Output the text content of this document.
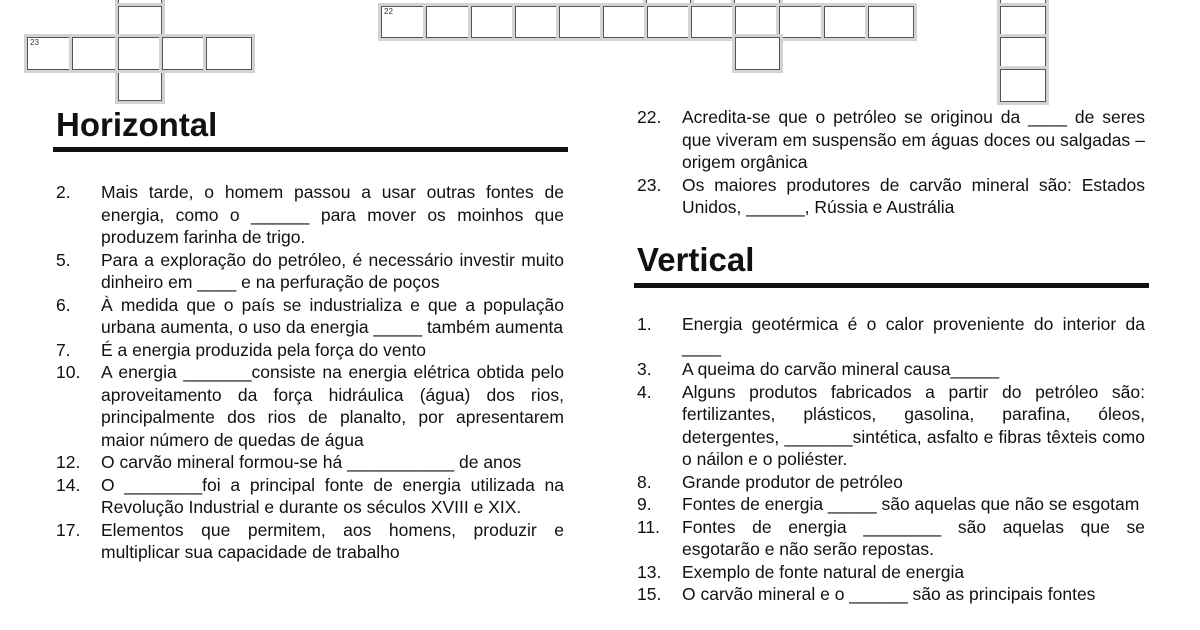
23
22
Horizontal
2. Mais tarde, o homem passou a usar outras fontes de energia, como o ______ para mover os moinhos que produzem farinha de trigo.
5. Para a exploração do petróleo, é necessário investir muito dinheiro em ____ e na perfuração de poços
6. À medida que o país se industrializa e que a população urbana aumenta, o uso da energia _____ também aumenta
7. É a energia produzida pela força do vento
10. A energia _______consiste na energia elétrica obtida pelo aproveitamento da força hidráulica (água) dos rios, principalmente dos rios de planalto, por apresentarem maior número de quedas de água
12. O carvão mineral formou-se há ___________ de anos
14. O ________foi a principal fonte de energia utilizada na Revolução Industrial e durante os séculos XVIII e XIX.
17. Elementos que permitem, aos homens, produzir e multiplicar sua capacidade de trabalho
22. Acredita-se que o petróleo se originou da ____ de seres que viveram em suspensão em águas doces ou salgadas – origem orgânica
23. Os maiores produtores de carvão mineral são: Estados Unidos, ______, Rússia e Austrália
Vertical
1. Energia geotérmica é o calor proveniente do interior da ____
3. A queima do carvão mineral causa_____
4. Alguns produtos fabricados a partir do petróleo são: fertilizantes, plásticos, gasolina, parafina, óleos, detergentes, _______sintética, asfalto e fibras têxteis como o náilon e o poliéster.
8. Grande produtor de petróleo
9. Fontes de energia _____ são aquelas que não se esgotam
11. Fontes de energia ________ são aquelas que se esgotarão e não serão repostas.
13. Exemplo de fonte natural de energia
15. O carvão mineral e o ______ são as principais fontes
